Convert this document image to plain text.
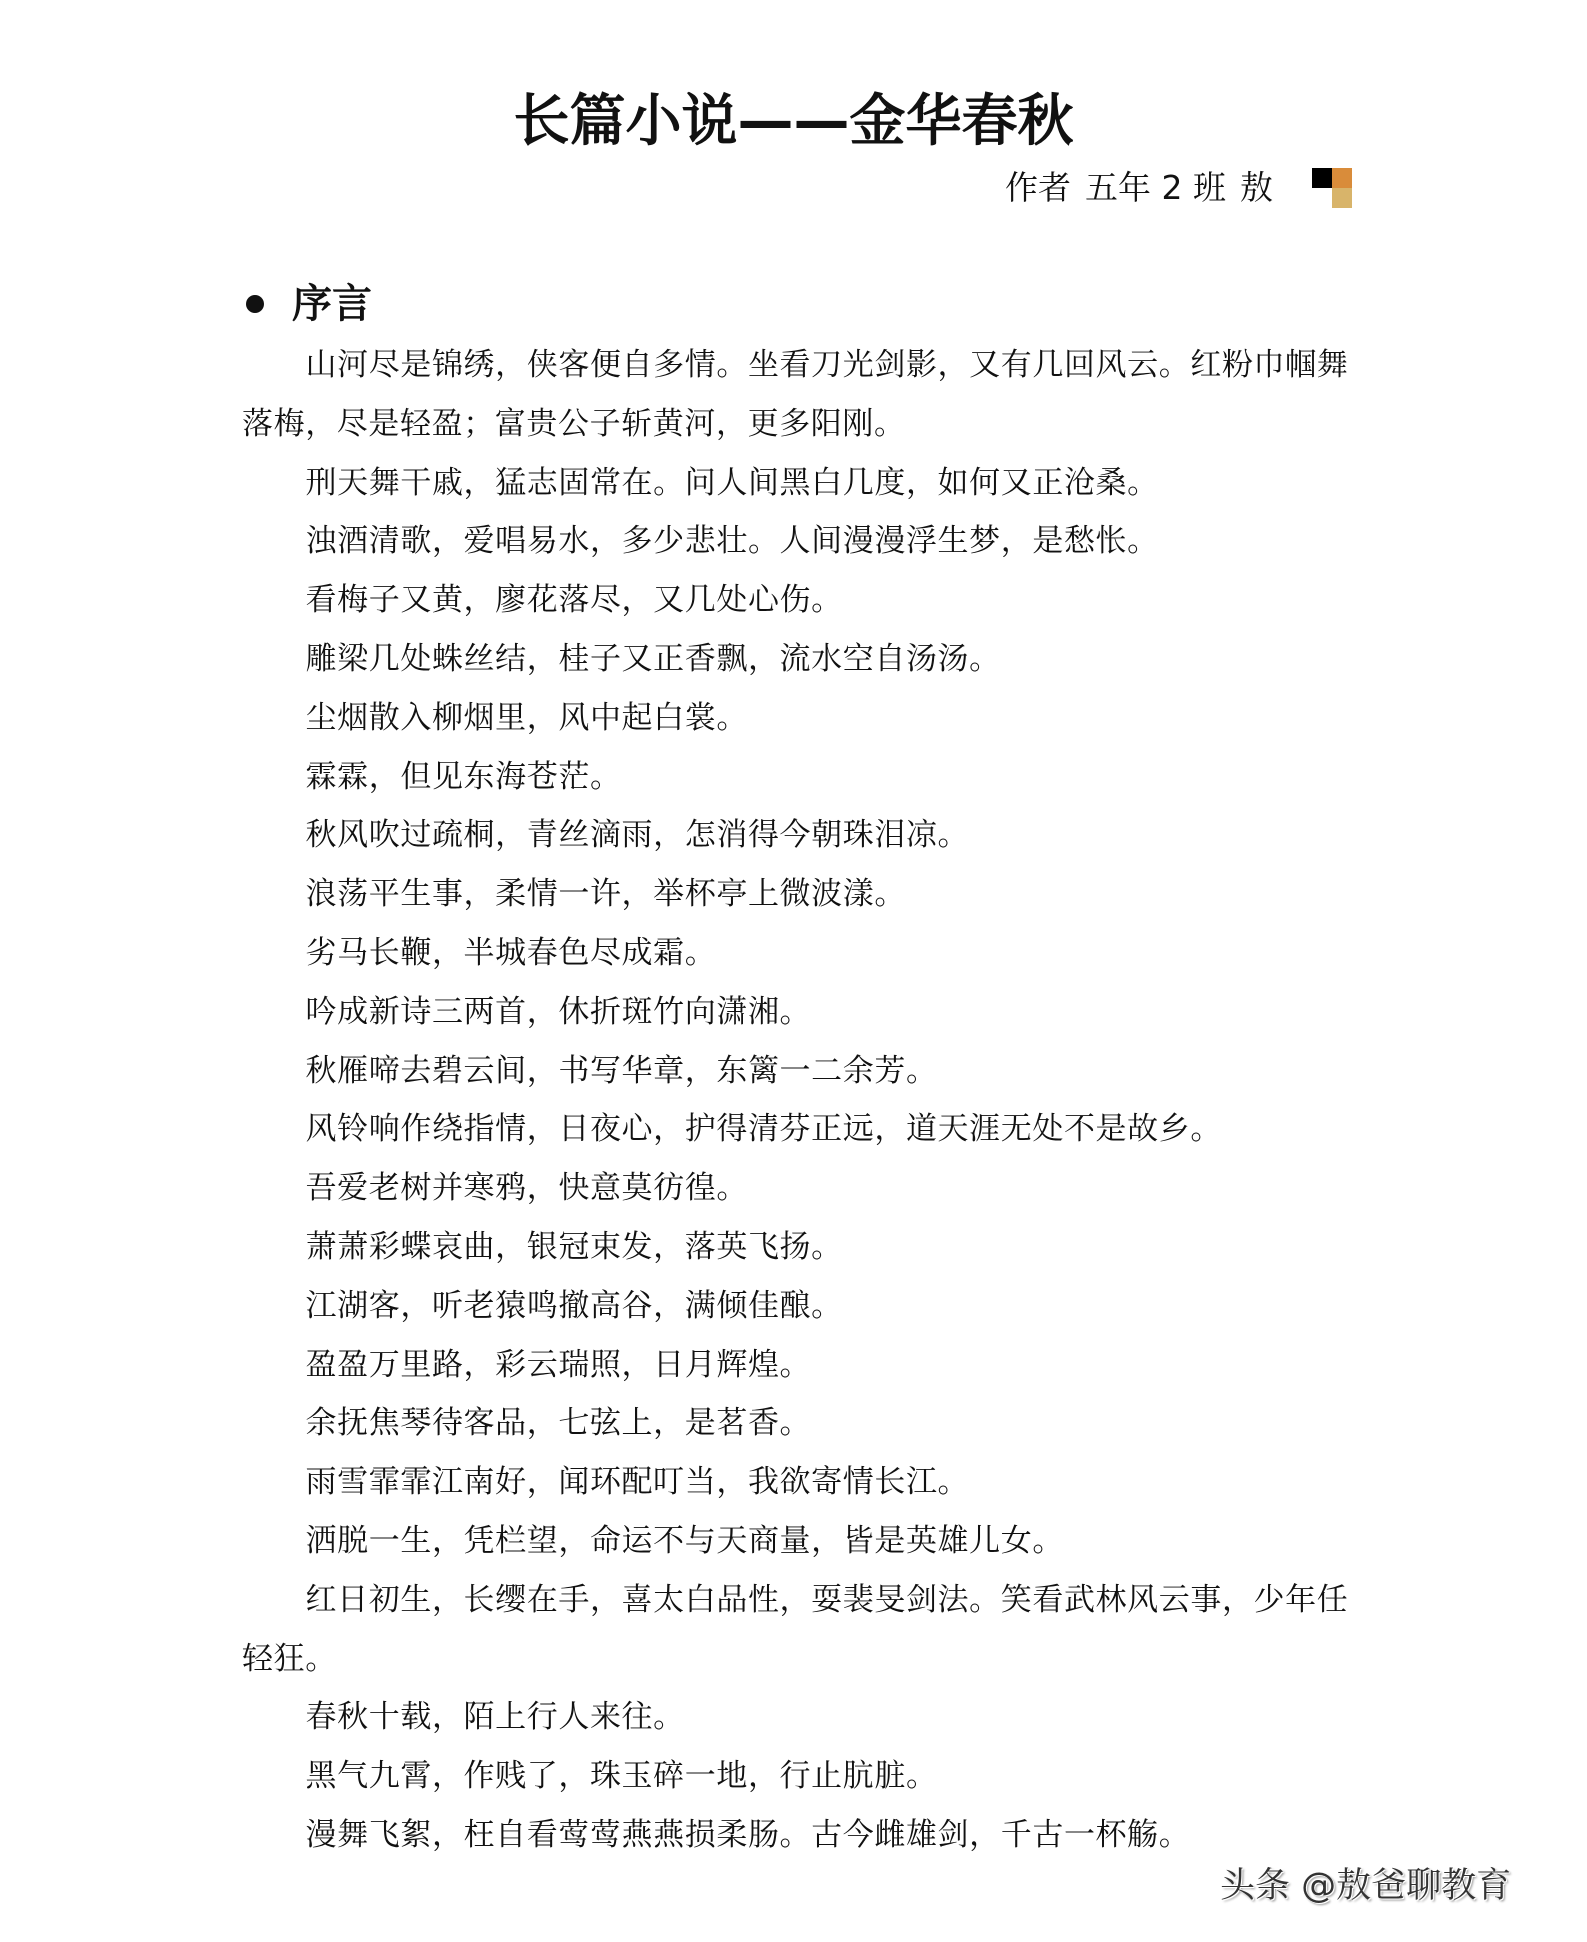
长篇小说——金华春秋
作者 五年 2 班 敖
序言

山河尽是锦绣，侠客便自多情。坐看刀光剑影，又有几回风云。红粉巾帼舞落梅，尽是轻盈；富贵公子斩黄河，更多阳刚。

刑天舞干戚，猛志固常在。问人间黑白几度，如何又正沧桑。

浊酒清歌，爱唱易水，多少悲壮。人间漫漫浮生梦，是愁怅。

看梅子又黄，廖花落尽，又几处心伤。

雕梁几处蛛丝结，桂子又正香飘，流水空自汤汤。

尘烟散入柳烟里，风中起白裳。

霖霖，但见东海苍茫。

秋风吹过疏桐，青丝滴雨，怎消得今朝珠泪凉。

浪荡平生事，柔情一许，举杯亭上微波漾。

劣马长鞭，半城春色尽成霜。

吟成新诗三两首，休折斑竹向潇湘。

秋雁啼去碧云间，书写华章，东篱一二余芳。

风铃响作绕指情，日夜心，护得清芬正远，道天涯无处不是故乡。

吾爱老树并寒鸦，快意莫彷徨。

萧萧彩蝶哀曲，银冠束发，落英飞扬。

江湖客，听老猿鸣撤高谷，满倾佳酿。

盈盈万里路，彩云瑞照，日月辉煌。

余抚焦琴待客品，七弦上，是茗香。

雨雪霏霏江南好，闻环配叮当，我欲寄情长江。

洒脱一生，凭栏望，命运不与天商量，皆是英雄儿女。

红日初生，长缨在手，喜太白品性，耍裴旻剑法。笑看武林风云事，少年任轻狂。

春秋十载，陌上行人来往。

黑气九霄，作贱了，珠玉碎一地，行止肮脏。

漫舞飞絮，枉自看莺莺燕燕损柔肠。古今雌雄剑，千古一杯觞。

头条 @敖爸聊教育
